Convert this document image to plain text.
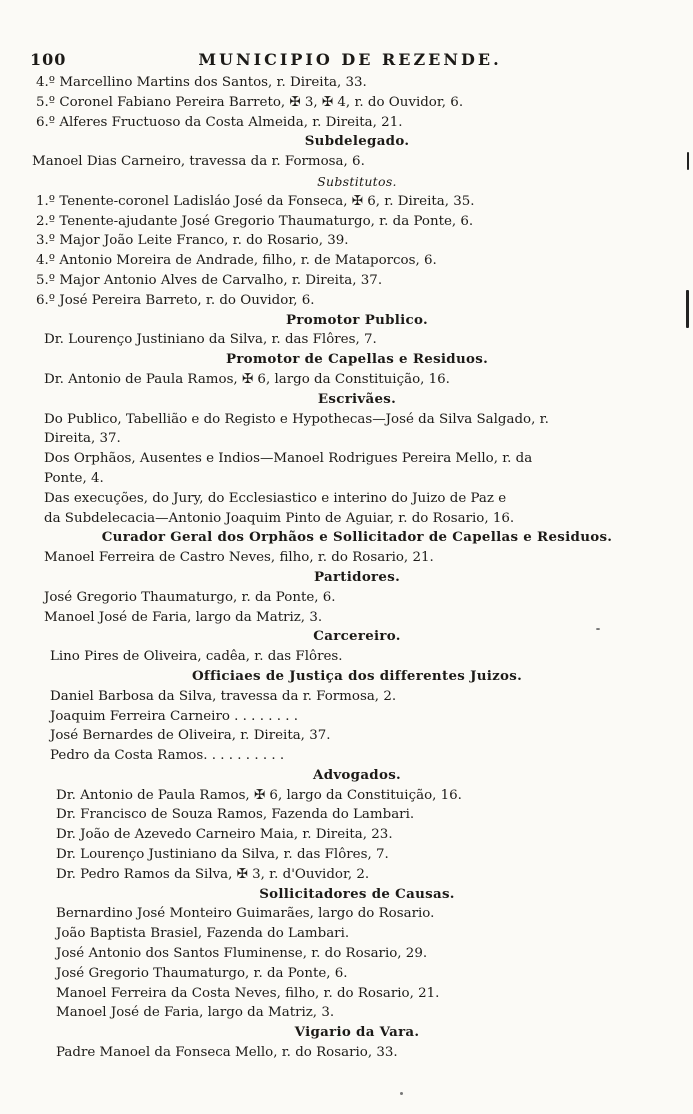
100	MUNICIPIO DE REZENDE.
4.º Marcellino Martins dos Santos, r. Direita, 33.
5.º Coronel Fabiano Pereira Barreto, ✠ 3, ✠ 4, r. do Ouvidor, 6.
6.º Alferes Fructuoso da Costa Almeida, r. Direita, 21.
Subdelegado.
Manoel Dias Carneiro, travessa da r. Formosa, 6.
Substitutos.
1.º Tenente-coronel Ladisláo José da Fonseca, ✠ 6, r. Direita, 35.
2.º Tenente-ajudante José Gregorio Thaumaturgo, r. da Ponte, 6.
3.º Major João Leite Franco, r. do Rosario, 39.
4.º Antonio Moreira de Andrade, filho, r. de Mataporcos, 6.
5.º Major Antonio Alves de Carvalho, r. Direita, 37.
6.º José Pereira Barreto, r. do Ouvidor, 6.
Promotor Publico.
Dr. Lourenço Justiniano da Silva, r. das Flôres, 7.
Promotor de Capellas e Residuos.
Dr. Antonio de Paula Ramos, ✠ 6, largo da Constituição, 16.
Escrivães.
Do Publico, Tabellião e do Registo e Hypothecas—José da Silva Salgado, r.
Direita, 37.
Dos Orphãos, Ausentes e Indios—Manoel Rodrigues Pereira Mello, r. da
Ponte, 4.
Das execuções, do Jury, do Ecclesiastico e interino do Juizo de Paz e
da Subdelecacia—Antonio Joaquim Pinto de Aguiar, r. do Rosario, 16.
Curador Geral dos Orphãos e Sollicitador de Capellas e Residuos.
Manoel Ferreira de Castro Neves, filho, r. do Rosario, 21.
Partidores.
José Gregorio Thaumaturgo, r. da Ponte, 6.
Manoel José de Faria, largo da Matriz, 3.
Carcereiro.
Lino Pires de Oliveira, cadêa, r. das Flôres.
Officiaes de Justiça dos differentes Juizos.
Daniel Barbosa da Silva, travessa da r. Formosa, 2.
Joaquim Ferreira Carneiro . . . . . . . .
José Bernardes de Oliveira, r. Direita, 37.
Pedro da Costa Ramos. . . . . . . . . .
Advogados.
Dr. Antonio de Paula Ramos, ✠ 6, largo da Constituição, 16.
Dr. Francisco de Souza Ramos, Fazenda do Lambari.
Dr. João de Azevedo Carneiro Maia, r. Direita, 23.
Dr. Lourenço Justiniano da Silva, r. das Flôres, 7.
Dr. Pedro Ramos da Silva, ✠ 3, r. d'Ouvidor, 2.
Sollicitadores de Causas.
Bernardino José Monteiro Guimarães, largo do Rosario.
João Baptista Brasiel, Fazenda do Lambari.
José Antonio dos Santos Fluminense, r. do Rosario, 29.
José Gregorio Thaumaturgo, r. da Ponte, 6.
Manoel Ferreira da Costa Neves, filho, r. do Rosario, 21.
Manoel José de Faria, largo da Matriz, 3.
Vigario da Vara.
Padre Manoel da Fonseca Mello, r. do Rosario, 33.
